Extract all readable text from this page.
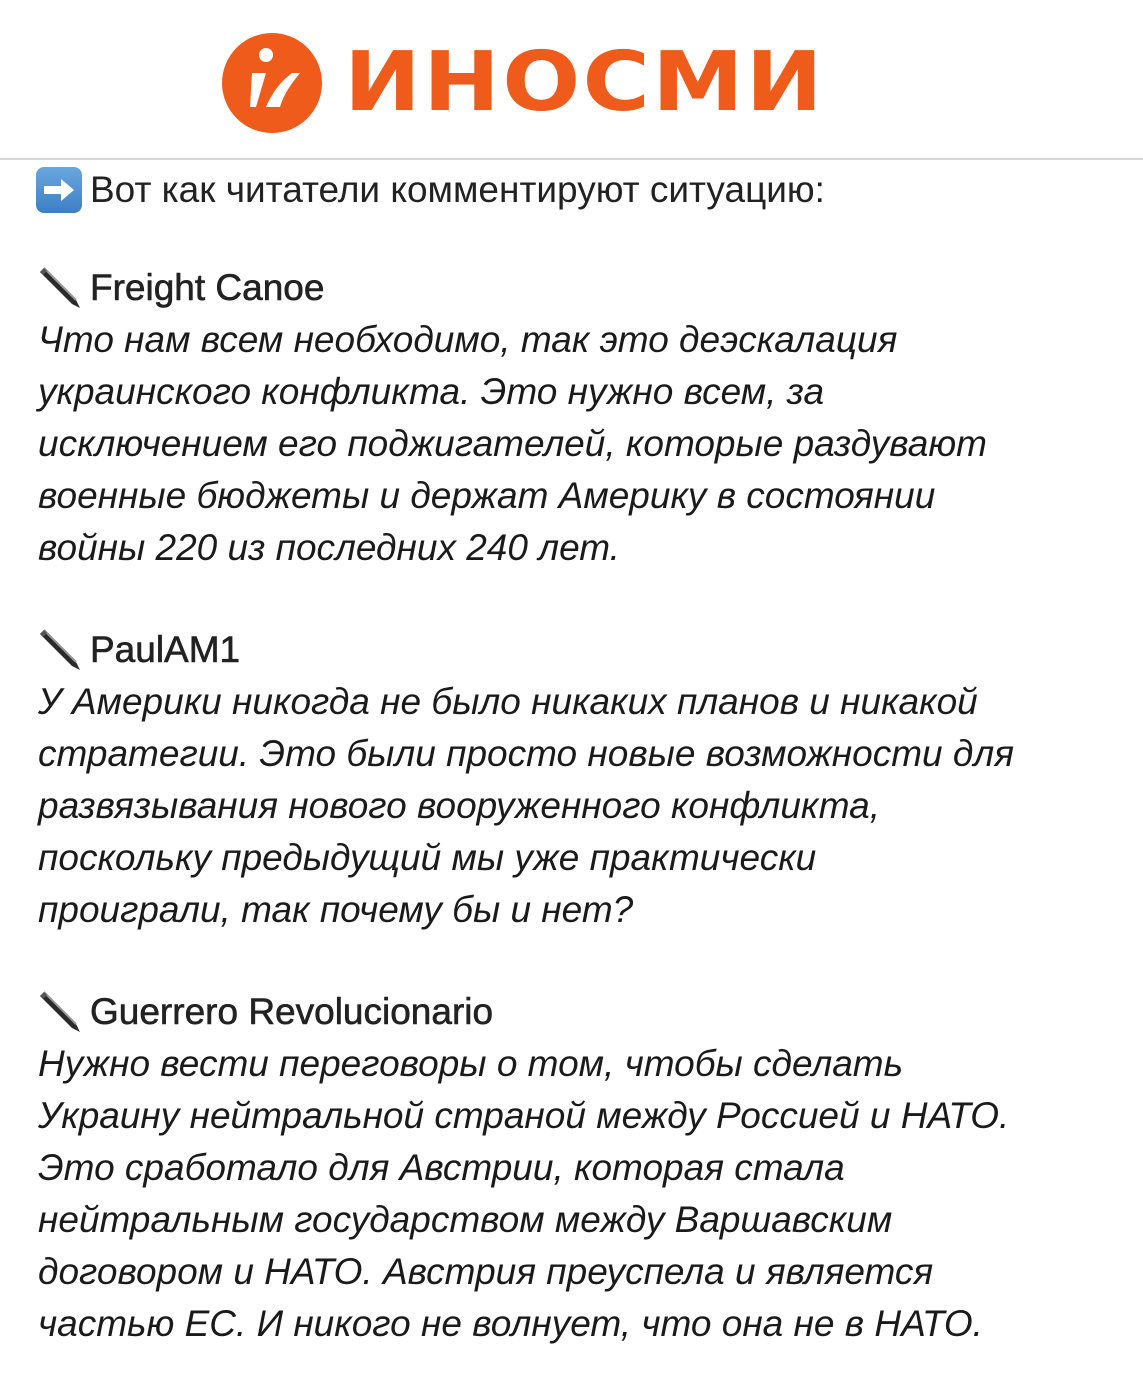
ИНОСМИ
Вот как читатели комментируют ситуацию:
Freight Canoe

Что нам всем необходимо, так это деэскалация
украинского конфликта. Это нужно всем, за
исключением его поджигателей, которые раздувают
военные бюджеты и держат Америку в состоянии
войны 220 из последних 240 лет.

PaulAM1

У Америки никогда не было никаких планов и никакой
стратегии. Это были просто новые возможности для
развязывания нового вооруженного конфликта,
поскольку предыдущий мы уже практически
проиграли, так почему бы и нет?

Guerrero Revolucionario

Нужно вести переговоры о том, чтобы сделать
Украину нейтральной страной между Россией и НАТО.
Это сработало для Австрии, которая стала
нейтральным государством между Варшавским
договором и НАТО. Австрия преуспела и является
частью ЕС. И никого не волнует, что она не в НАТО.
